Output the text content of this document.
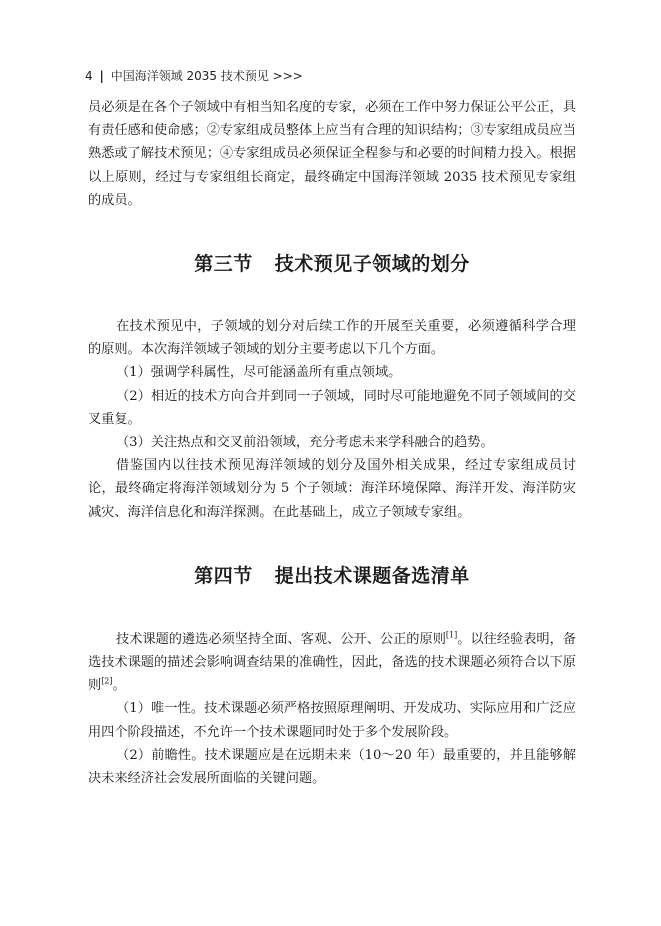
4 | 中国海洋领域 2035 技术预见 >>>

员必须是在各个子领域中有相当知名度的专家，必须在工作中努力保证公平公正，具有责任感和使命感；②专家组成员整体上应当有合理的知识结构；③专家组成员应当熟悉或了解技术预见；④专家组成员必须保证全程参与和必要的时间精力投入。根据以上原则，经过与专家组组长商定，最终确定中国海洋领域 2035 技术预见专家组的成员。

第三节 技术预见子领域的划分

在技术预见中，子领域的划分对后续工作的开展至关重要，必须遵循科学合理的原则。本次海洋领域子领域的划分主要考虑以下几个方面。

（1）强调学科属性，尽可能涵盖所有重点领域。

（2）相近的技术方向合并到同一子领域，同时尽可能地避免不同子领域间的交叉重复。

（3）关注热点和交叉前沿领域，充分考虑未来学科融合的趋势。

借鉴国内以往技术预见海洋领域的划分及国外相关成果，经过专家组成员讨论，最终确定将海洋领域划分为 5 个子领域：海洋环境保障、海洋开发、海洋防灾减灾、海洋信息化和海洋探测。在此基础上，成立子领域专家组。

第四节 提出技术课题备选清单

技术课题的遴选必须坚持全面、客观、公开、公正的原则[1]。以往经验表明，备选技术课题的描述会影响调查结果的准确性，因此，备选的技术课题必须符合以下原则[2]。

（1）唯一性。技术课题必须严格按照原理阐明、开发成功、实际应用和广泛应用四个阶段描述，不允许一个技术课题同时处于多个发展阶段。

（2）前瞻性。技术课题应是在远期未来（10～20 年）最重要的，并且能够解决未来经济社会发展所面临的关键问题。
